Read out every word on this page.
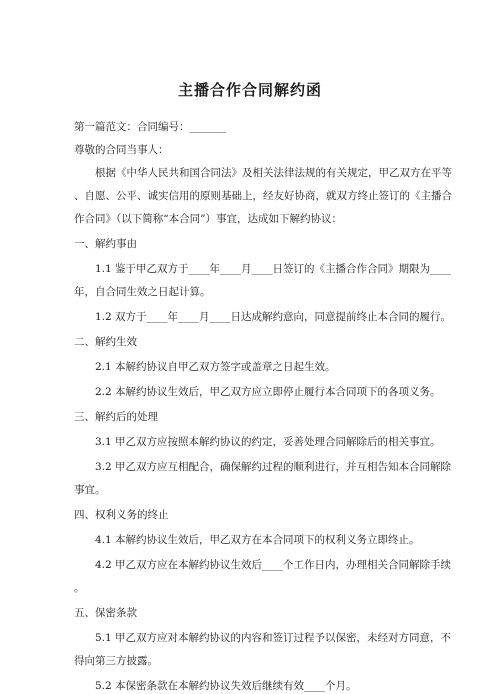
主播合作合同解约函
第一篇范文：合同编号：_______
尊敬的合同当事人：
根据《中华人民共和国合同法》及相关法律法规的有关规定，甲乙双方在平等
、自愿、公平、诚实信用的原则基础上，经友好协商，就双方终止签订的《主播合
作合同》（以下简称“本合同”）事宜，达成如下解约协议：
一、解约事由
1.1 鉴于甲乙双方于____年____月____日签订的《主播合作合同》期限为____
年，自合同生效之日起计算。
1.2 双方于____年____月____日达成解约意向，同意提前终止本合同的履行。
二、解约生效
2.1 本解约协议自甲乙双方签字或盖章之日起生效。
2.2 本解约协议生效后，甲乙双方应立即停止履行本合同项下的各项义务。
三、解约后的处理
3.1 甲乙双方应按照本解约协议的约定，妥善处理合同解除后的相关事宜。
3.2 甲乙双方应互相配合，确保解约过程的顺利进行，并互相告知本合同解除
事宜。
四、权利义务的终止
4.1 本解约协议生效后，甲乙双方在本合同项下的权利义务立即终止。
4.2 甲乙双方应在本解约协议生效后____个工作日内，办理相关合同解除手续
。
五、保密条款
5.1 甲乙双方应对本解约协议的内容和签订过程予以保密，未经对方同意，不
得向第三方披露。
5.2 本保密条款在本解约协议失效后继续有效____个月。
